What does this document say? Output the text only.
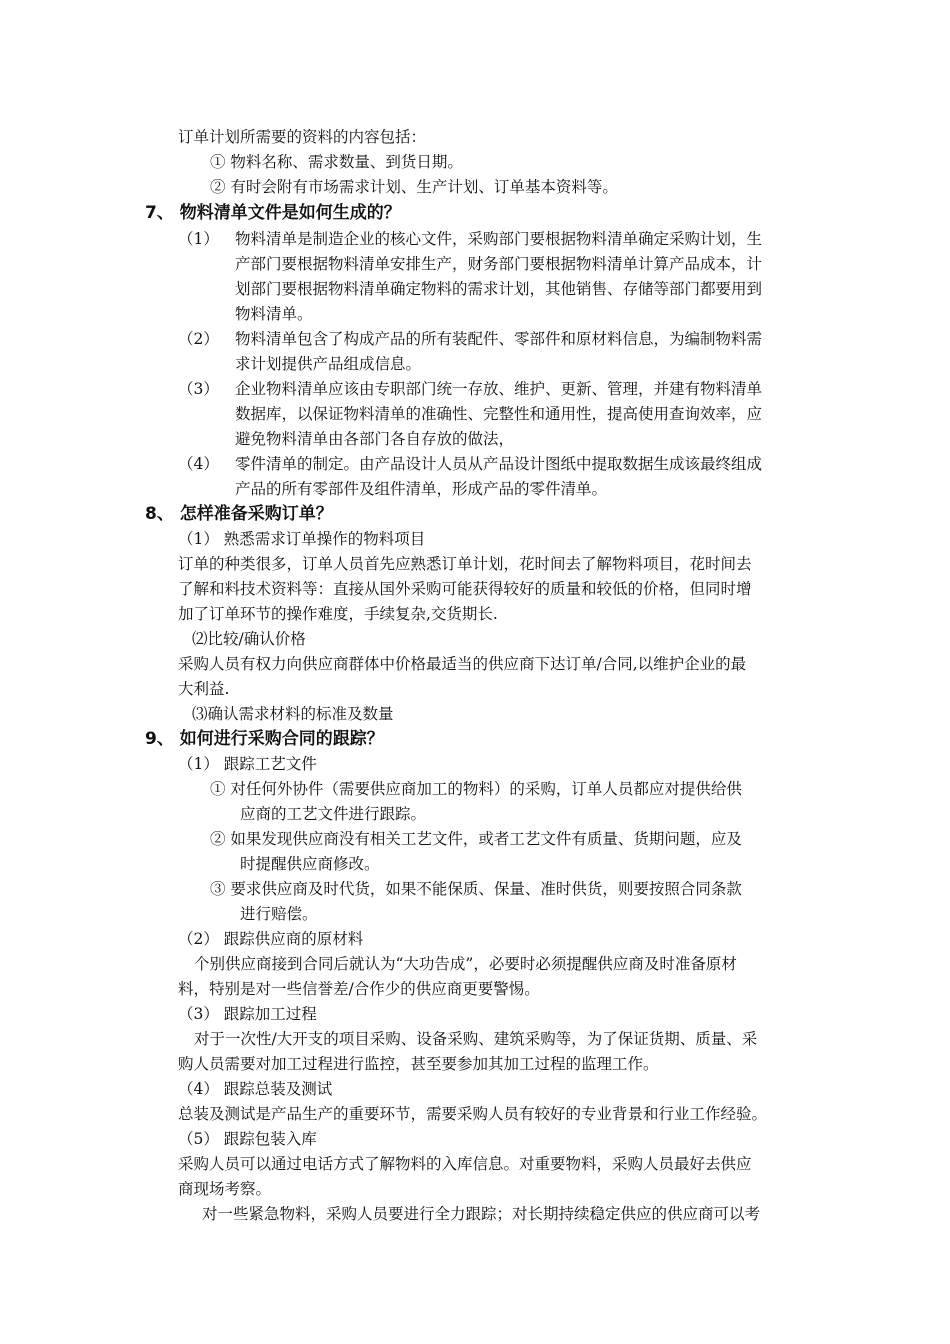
订单计划所需要的资料的内容包括：
① 物料名称、需求数量、到货日期。
② 有时会附有市场需求计划、生产计划、订单基本资料等。
7、 物料清单文件是如何生成的？
（1） 物料清单是制造企业的核心文件，采购部门要根据物料清单确定采购计划，生
产部门要根据物料清单安排生产，财务部门要根据物料清单计算产品成本，计
划部门要根据物料清单确定物料的需求计划，其他销售、存储等部门都要用到
物料清单。
（2） 物料清单包含了构成产品的所有装配件、零部件和原材料信息，为编制物料需
求计划提供产品组成信息。
（3） 企业物料清单应该由专职部门统一存放、维护、更新、管理，并建有物料清单
数据库，以保证物料清单的准确性、完整性和通用性，提高使用查询效率，应
避免物料清单由各部门各自存放的做法，
（4） 零件清单的制定。由产品设计人员从产品设计图纸中提取数据生成该最终组成
产品的所有零部件及组件清单，形成产品的零件清单。
8、 怎样准备采购订单？
（1） 熟悉需求订单操作的物料项目
订单的种类很多，订单人员首先应熟悉订单计划，花时间去了解物料项目，花时间去
了解和料技术资料等：直接从国外采购可能获得较好的质量和较低的价格，但同时增
加了订单环节的操作难度，手续复杂,交货期长.
⑵比较/确认价格
采购人员有权力向供应商群体中价格最适当的供应商下达订单/合同,以维护企业的最
大利益.
⑶确认需求材料的标准及数量
9、 如何进行采购合同的跟踪？
（1） 跟踪工艺文件
① 对任何外协件（需要供应商加工的物料）的采购，订单人员都应对提供给供
应商的工艺文件进行跟踪。
② 如果发现供应商没有相关工艺文件，或者工艺文件有质量、货期问题，应及
时提醒供应商修改。
③ 要求供应商及时代货，如果不能保质、保量、准时供货，则要按照合同条款
进行赔偿。
（2） 跟踪供应商的原材料
个别供应商接到合同后就认为“大功告成”，必要时必须提醒供应商及时准备原材
料，特别是对一些信誉差/合作少的供应商更要警惕。
（3） 跟踪加工过程
对于一次性/大开支的项目采购、设备采购、建筑采购等，为了保证货期、质量、采
购人员需要对加工过程进行监控，甚至要参加其加工过程的监理工作。
（4） 跟踪总装及测试
总装及测试是产品生产的重要环节，需要采购人员有较好的专业背景和行业工作经验。
（5） 跟踪包装入库
采购人员可以通过电话方式了解物料的入库信息。对重要物料，采购人员最好去供应
商现场考察。
对一些紧急物料，采购人员要进行全力跟踪；对长期持续稳定供应的供应商可以考
